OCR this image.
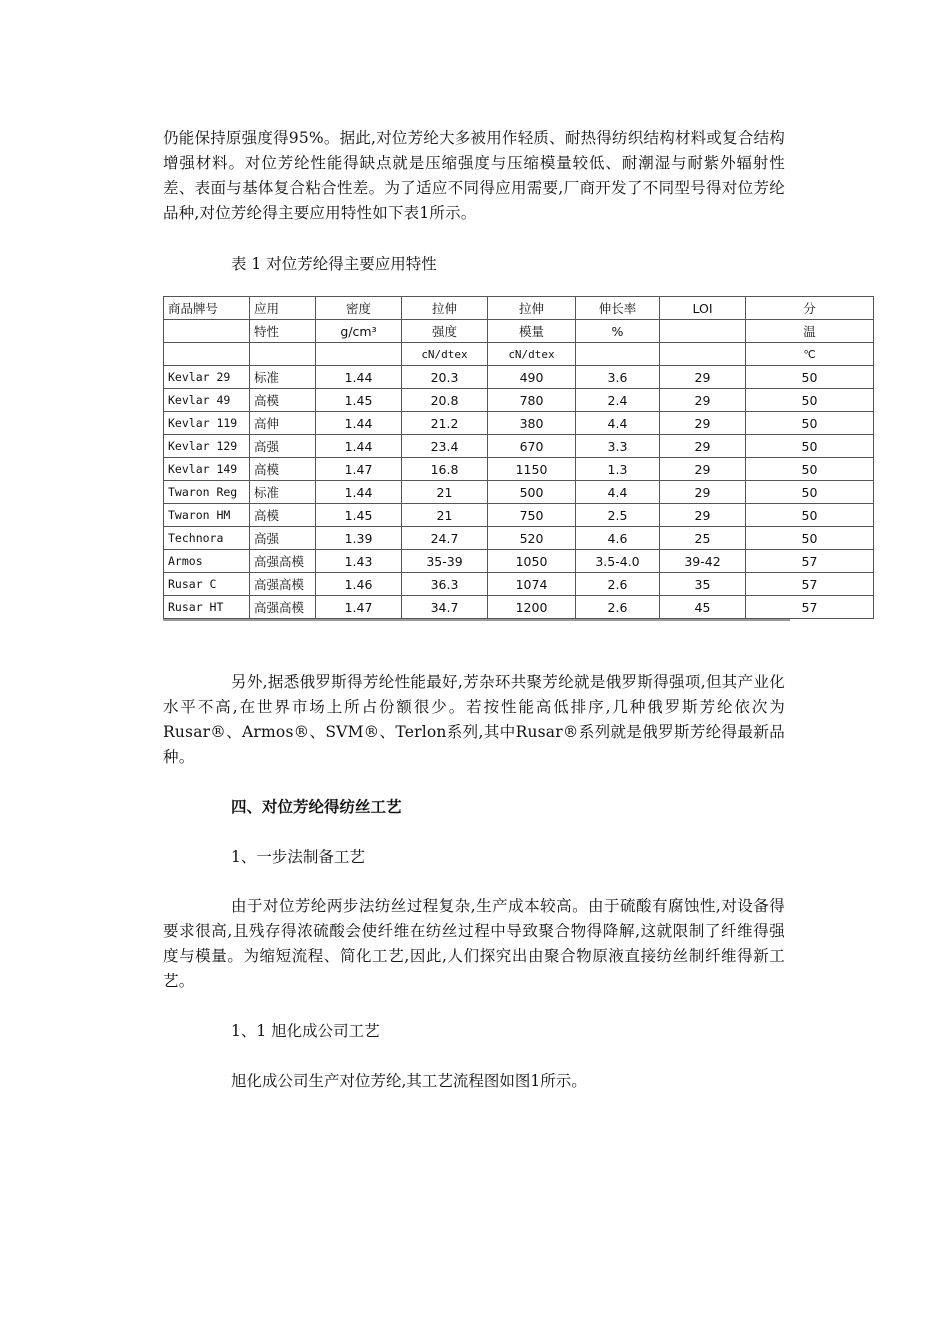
仍能保持原强度得95%。据此,对位芳纶大多被用作轻质、耐热得纺织结构材料或复合结构增强材料。对位芳纶性能得缺点就是压缩强度与压缩模量较低、耐潮湿与耐紫外辐射性差、表面与基体复合粘合性差。为了适应不同得应用需要,厂商开发了不同型号得对位芳纶品种,对位芳纶得主要应用特性如下表1所示。

表 1 对位芳纶得主要应用特性

商品牌号	应用	密度	拉伸	拉伸	伸长率	LOI	分
	特性	g/cm³	强度	模量	%		温
			cN/dtex	cN/dtex			℃
Kevlar 29	标准	1.44	20.3	490	3.6	29	50
Kevlar 49	高模	1.45	20.8	780	2.4	29	50
Kevlar 119	高伸	1.44	21.2	380	4.4	29	50
Kevlar 129	高强	1.44	23.4	670	3.3	29	50
Kevlar 149	高模	1.47	16.8	1150	1.3	29	50
Twaron Reg	标准	1.44	21	500	4.4	29	50
Twaron HM	高模	1.45	21	750	2.5	29	50
Technora	高强	1.39	24.7	520	4.6	25	50
Armos	高强高模	1.43	35-39	1050	3.5-4.0	39-42	57
Rusar C	高强高模	1.46	36.3	1074	2.6	35	57
Rusar HT	高强高模	1.47	34.7	1200	2.6	45	57

另外,据悉俄罗斯得芳纶性能最好,芳杂环共聚芳纶就是俄罗斯得强项,但其产业化水平不高,在世界市场上所占份额很少。若按性能高低排序,几种俄罗斯芳纶依次为Rusar®、Armos®、SVM®、Terlon系列,其中Rusar®系列就是俄罗斯芳纶得最新品种。

四、对位芳纶得纺丝工艺

1、一步法制备工艺

由于对位芳纶两步法纺丝过程复杂,生产成本较高。由于硫酸有腐蚀性,对设备得要求很高,且残存得浓硫酸会使纤维在纺丝过程中导致聚合物得降解,这就限制了纤维得强度与模量。为缩短流程、简化工艺,因此,人们探究出由聚合物原液直接纺丝制纤维得新工艺。

1、1 旭化成公司工艺

旭化成公司生产对位芳纶,其工艺流程图如图1所示。
